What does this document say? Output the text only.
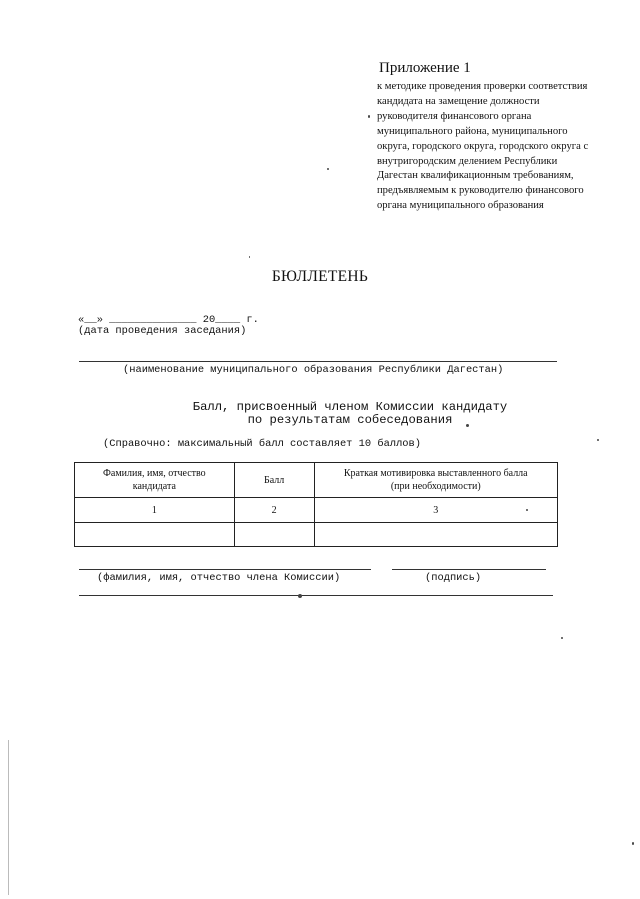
Приложение 1
к методике проведения проверки соответствия
кандидата на замещение должности
руководителя финансового органа
муниципального района, муниципального
округа, городского округа, городского округа с
внутригородским делением Республики
Дагестан квалификационным требованиям,
предъявляемым к руководителю финансового
органа муниципального образования
БЮЛЛЕТЕНЬ
«__» ______________ 20____ г.
(дата проведения заседания)
(наименование муниципального образования Республики Дагестан)
Балл, присвоенный членом Комиссии кандидату
по результатам собеседования
(Справочно: максимальный балл составляет 10 баллов)
Фамилия, имя, отчество
кандидата	Балл	Краткая мотивировка выставленного балла
(при необходимости)
1	2	3

(фамилия, имя, отчество члена Комиссии)	(подпись)
